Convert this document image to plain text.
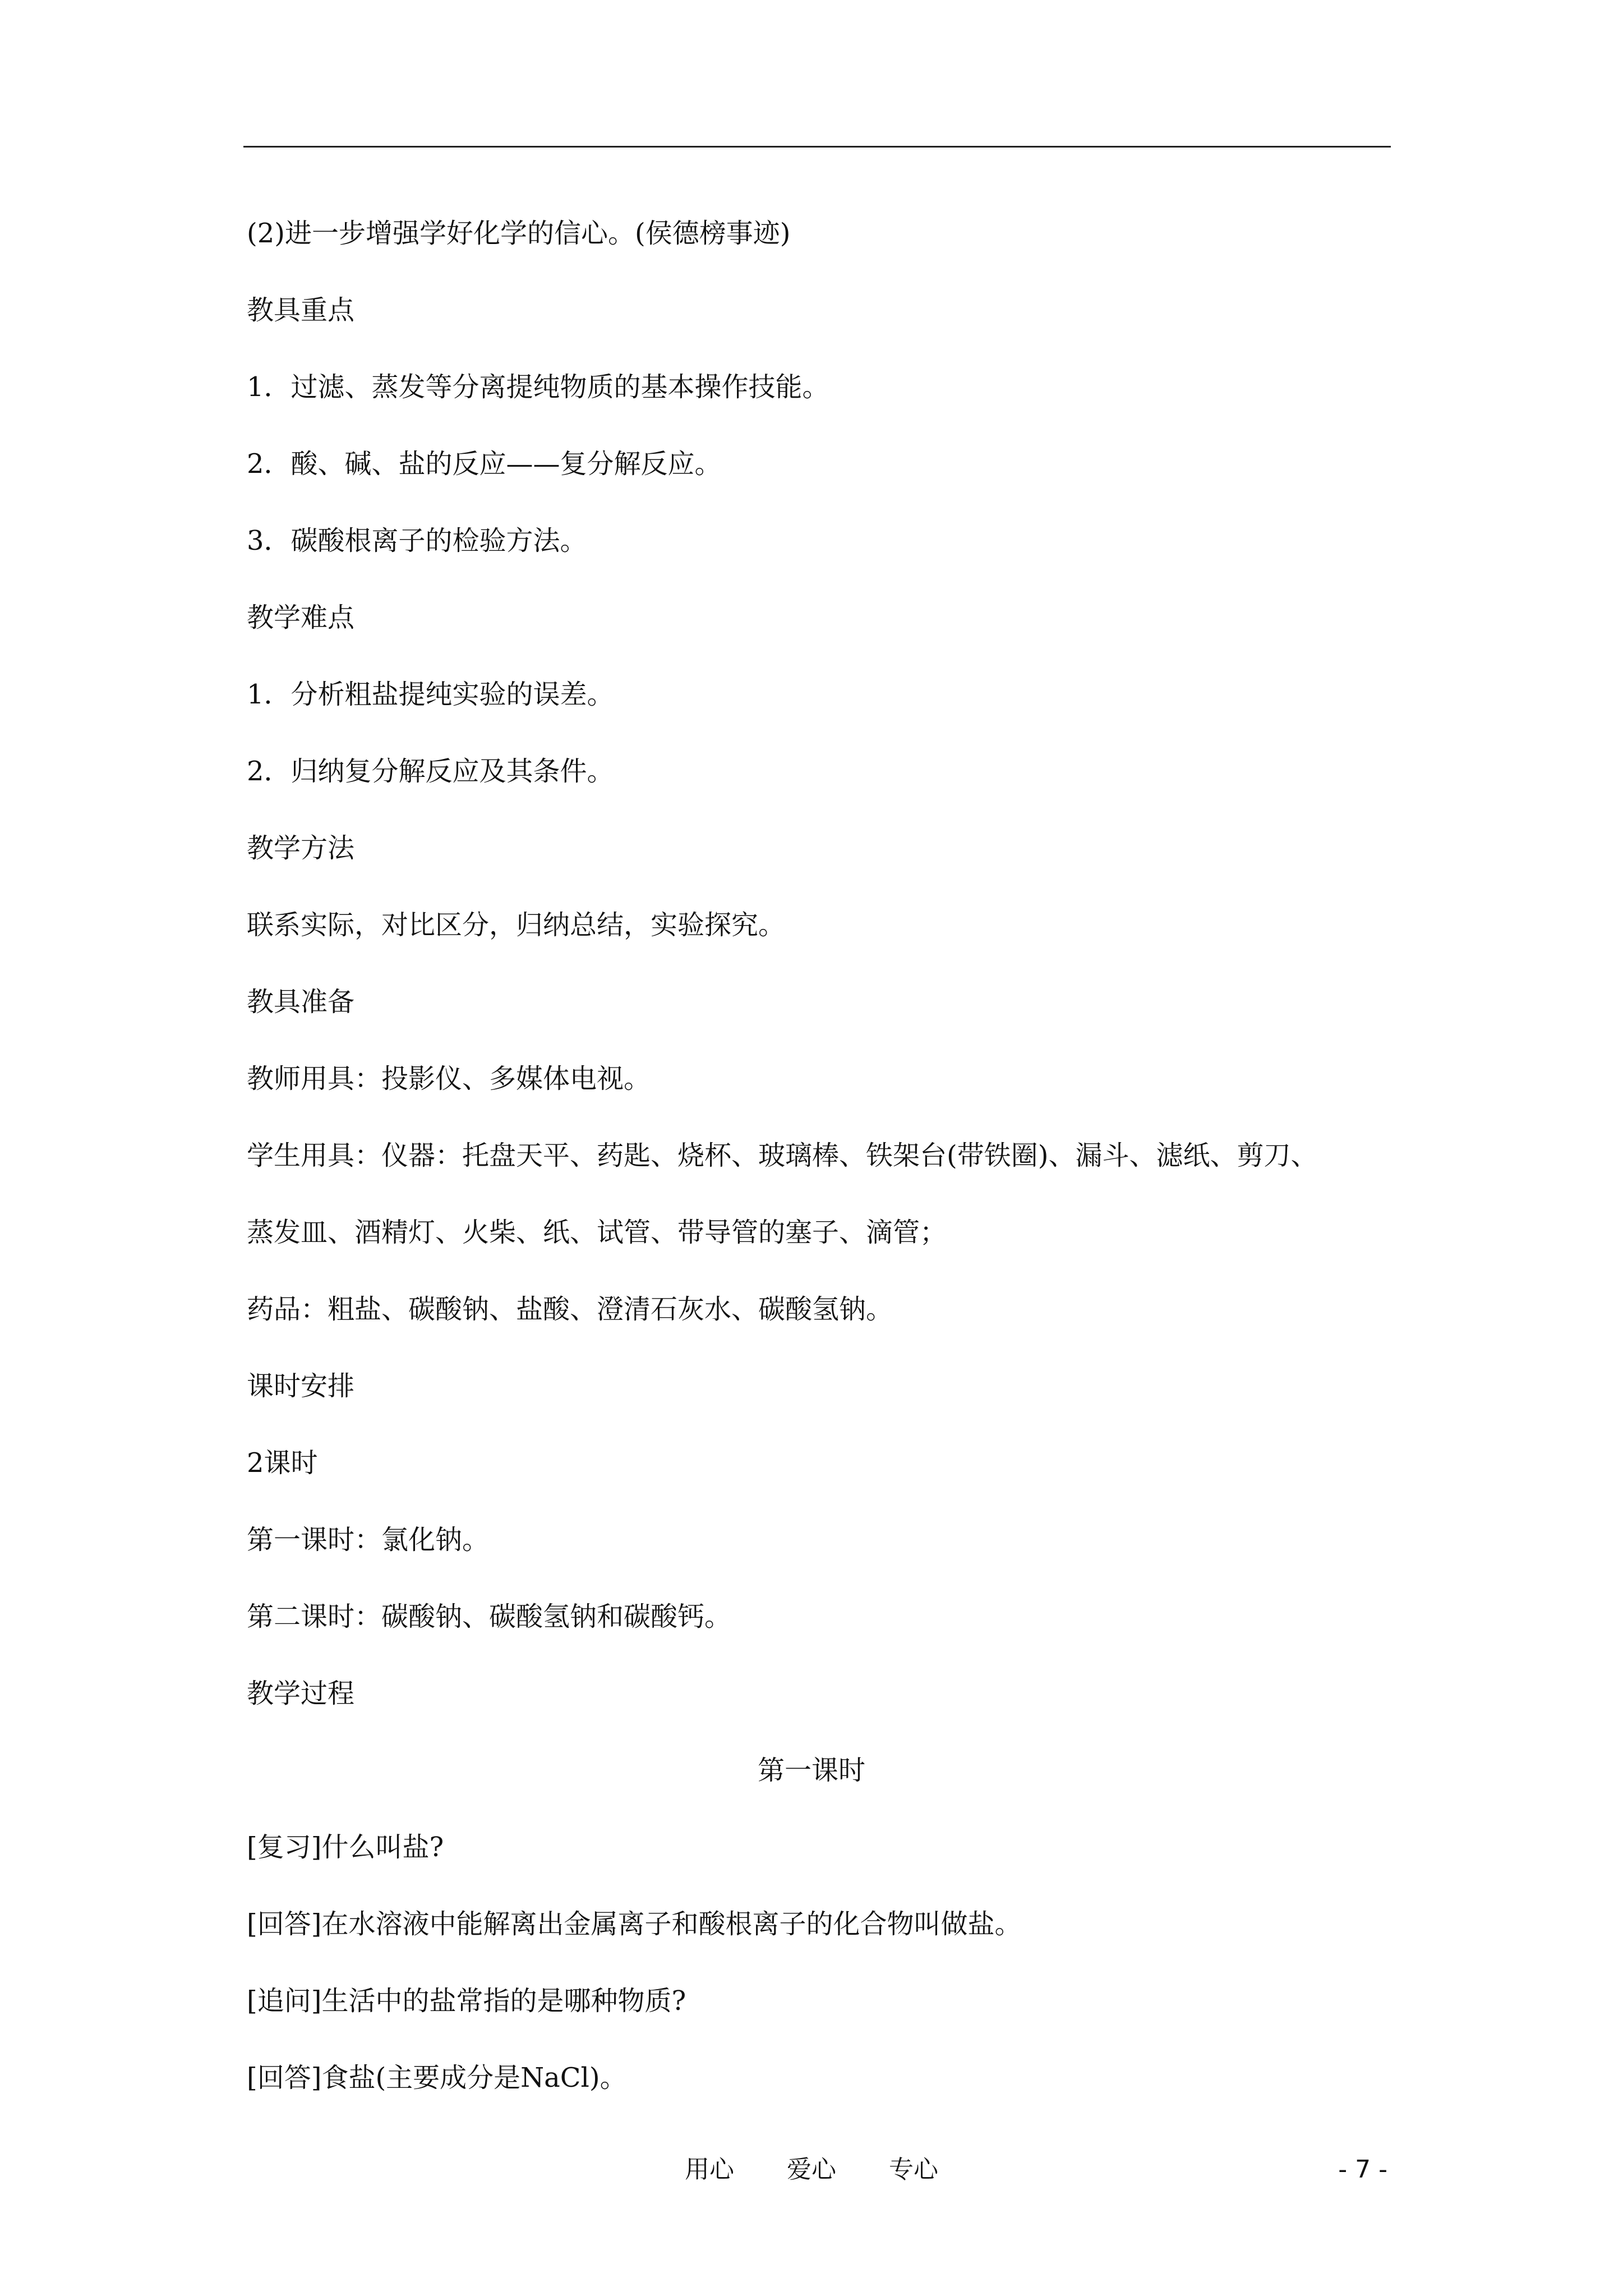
(2)进一步增强学好化学的信心。(侯德榜事迹)
教具重点
1．过滤、蒸发等分离提纯物质的基本操作技能。
2．酸、碱、盐的反应——复分解反应。
3．碳酸根离子的检验方法。
教学难点
1．分析粗盐提纯实验的误差。
2．归纳复分解反应及其条件。
教学方法
联系实际，对比区分，归纳总结，实验探究。
教具准备
教师用具：投影仪、多媒体电视。
学生用具：仪器：托盘天平、药匙、烧杯、玻璃棒、铁架台(带铁圈)、漏斗、滤纸、剪刀、
蒸发皿、酒精灯、火柴、纸、试管、带导管的塞子、滴管；
药品：粗盐、碳酸钠、盐酸、澄清石灰水、碳酸氢钠。
课时安排
2课时
第一课时：氯化钠。
第二课时：碳酸钠、碳酸氢钠和碳酸钙。
教学过程
第一课时
[复习]什么叫盐?
[回答]在水溶液中能解离出金属离子和酸根离子的化合物叫做盐。
[追问]生活中的盐常指的是哪种物质?
[回答]食盐(主要成分是NaCl)。
用心 爱心 专心	- 7 -
